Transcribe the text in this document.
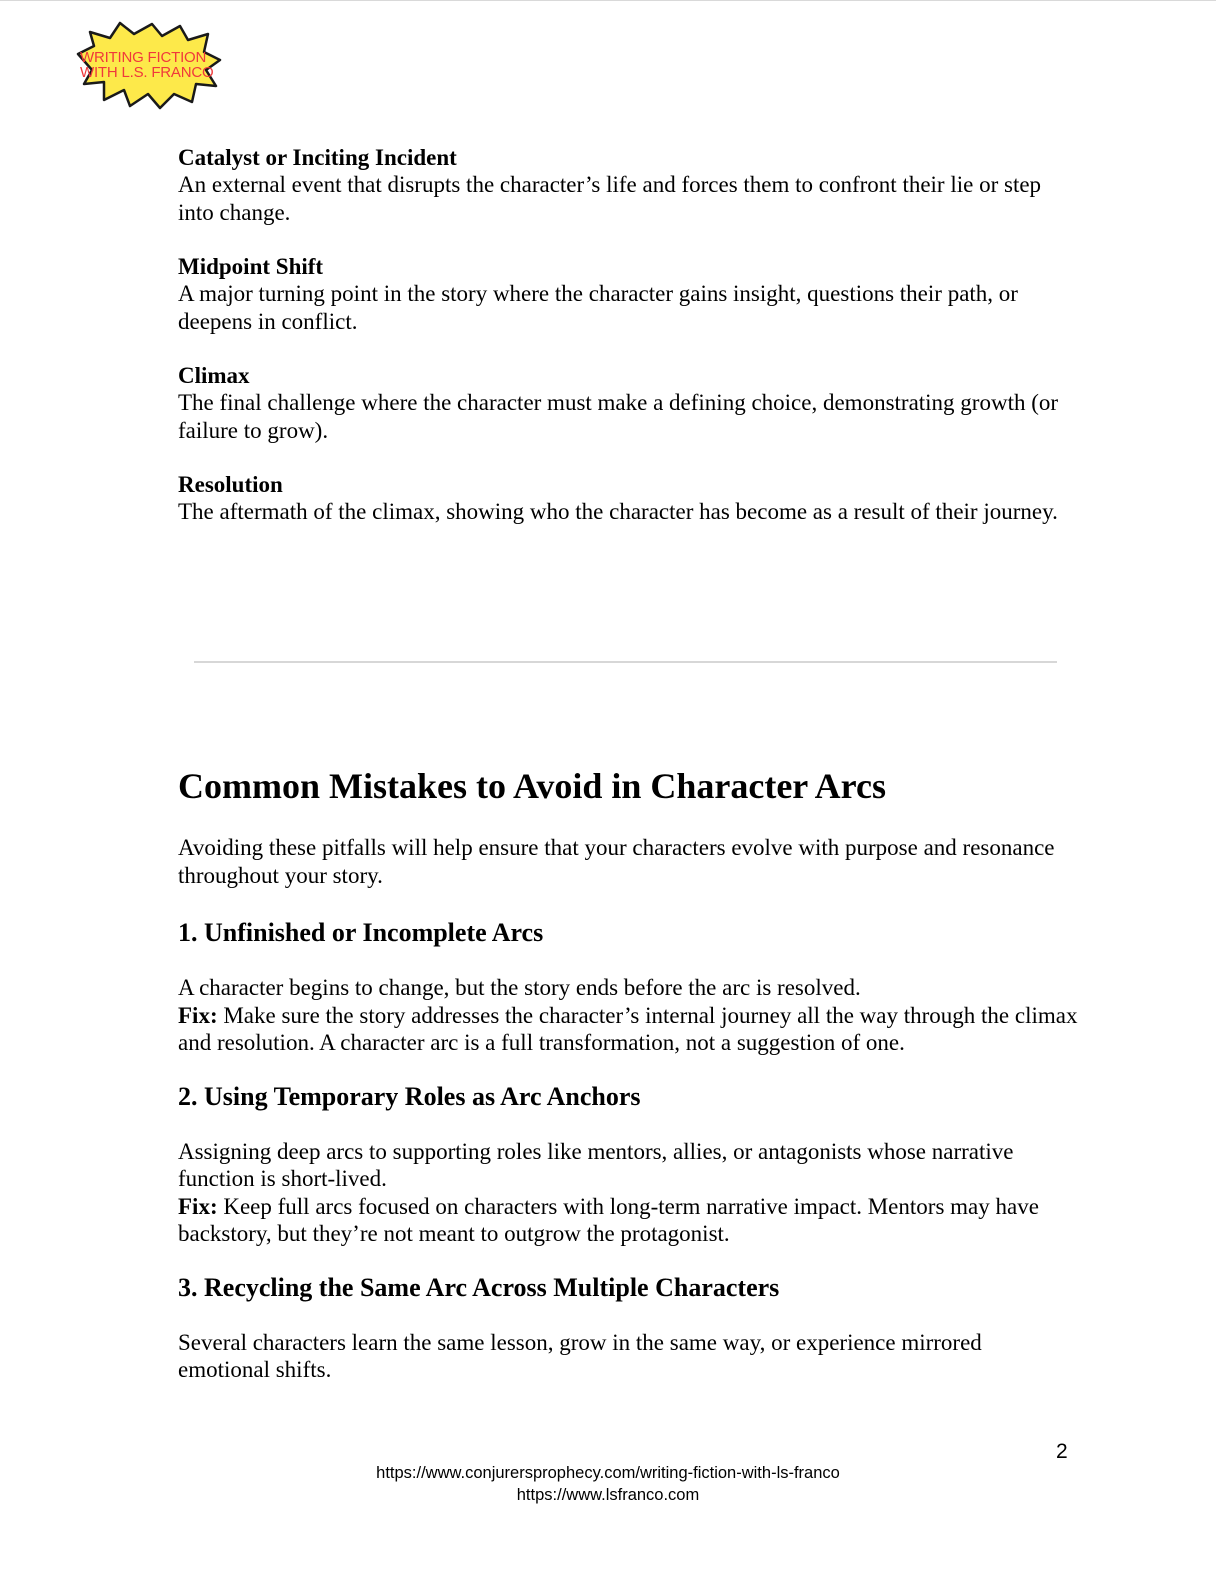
WRITING FICTION
WITH L.S. FRANCO
Catalyst or Inciting Incident
An external event that disrupts the character’s life and forces them to confront their lie or step into change.
Midpoint Shift
A major turning point in the story where the character gains insight, questions their path, or deepens in conflict.
Climax
The final challenge where the character must make a defining choice, demonstrating growth (or failure to grow).
Resolution
The aftermath of the climax, showing who the character has become as a result of their journey.
Common Mistakes to Avoid in Character Arcs
Avoiding these pitfalls will help ensure that your characters evolve with purpose and resonance throughout your story.
1. Unfinished or Incomplete Arcs
A character begins to change, but the story ends before the arc is resolved.
Fix: Make sure the story addresses the character’s internal journey all the way through the climax and resolution. A character arc is a full transformation, not a suggestion of one.
2. Using Temporary Roles as Arc Anchors
Assigning deep arcs to supporting roles like mentors, allies, or antagonists whose narrative function is short-lived.
Fix: Keep full arcs focused on characters with long-term narrative impact. Mentors may have backstory, but they’re not meant to outgrow the protagonist.
3. Recycling the Same Arc Across Multiple Characters
Several characters learn the same lesson, grow in the same way, or experience mirrored emotional shifts.
2
https://www.conjurersprophecy.com/writing-fiction-with-ls-franco
https://www.lsfranco.com
